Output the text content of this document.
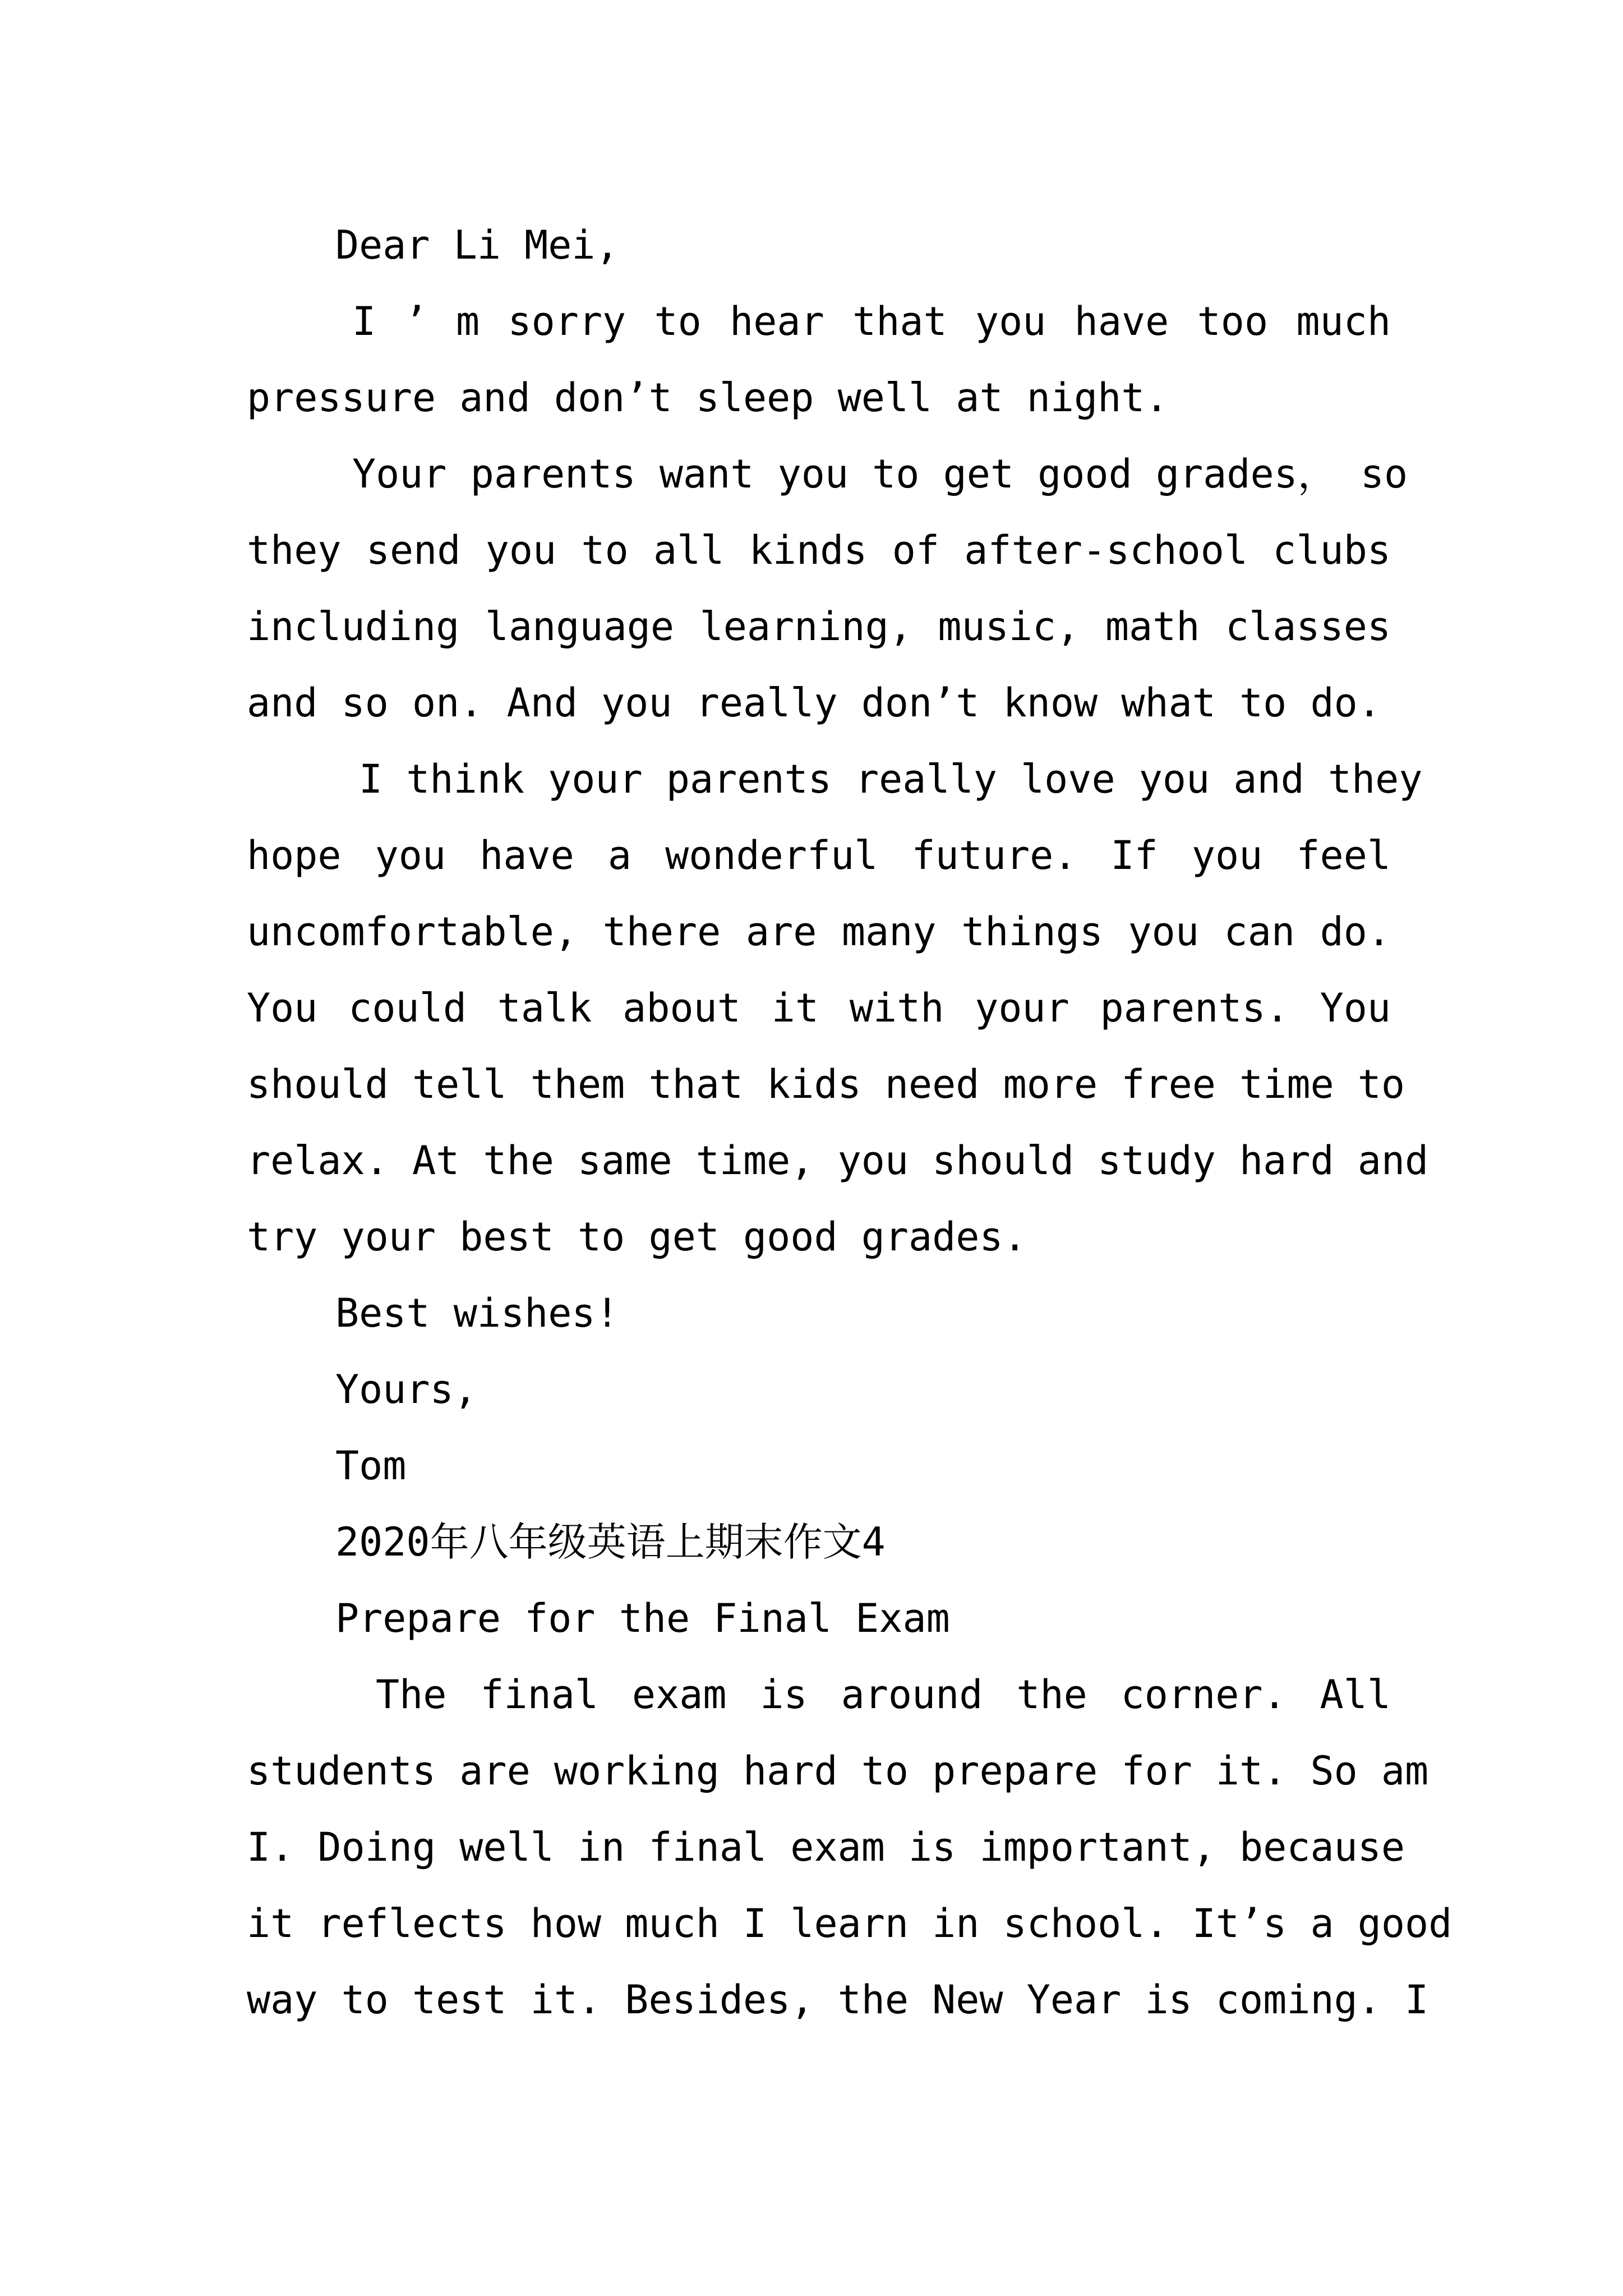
Dear Li Mei,
I ’ m sorry to hear that you have too much
pressure and don’t sleep well at night.
Your parents want you to get good grades， so
they send you to all kinds of after-school clubs
including language learning, music, math classes
and so on. And you really don’t know what to do.
I think your parents really love you and they
hope you have a wonderful future. If you feel
uncomfortable, there are many things you can do.
You could talk about it with your parents. You
should tell them that kids need more free time to
relax. At the same time, you should study hard and
try your best to get good grades.
Best wishes!
Yours,
Tom
2020年八年级英语上期末作文4
Prepare for the Final Exam
The final exam is around the corner. All
students are working hard to prepare for it. So am
I. Doing well in final exam is important, because
it reflects how much I learn in school. It’s a good
way to test it. Besides, the New Year is coming. I
